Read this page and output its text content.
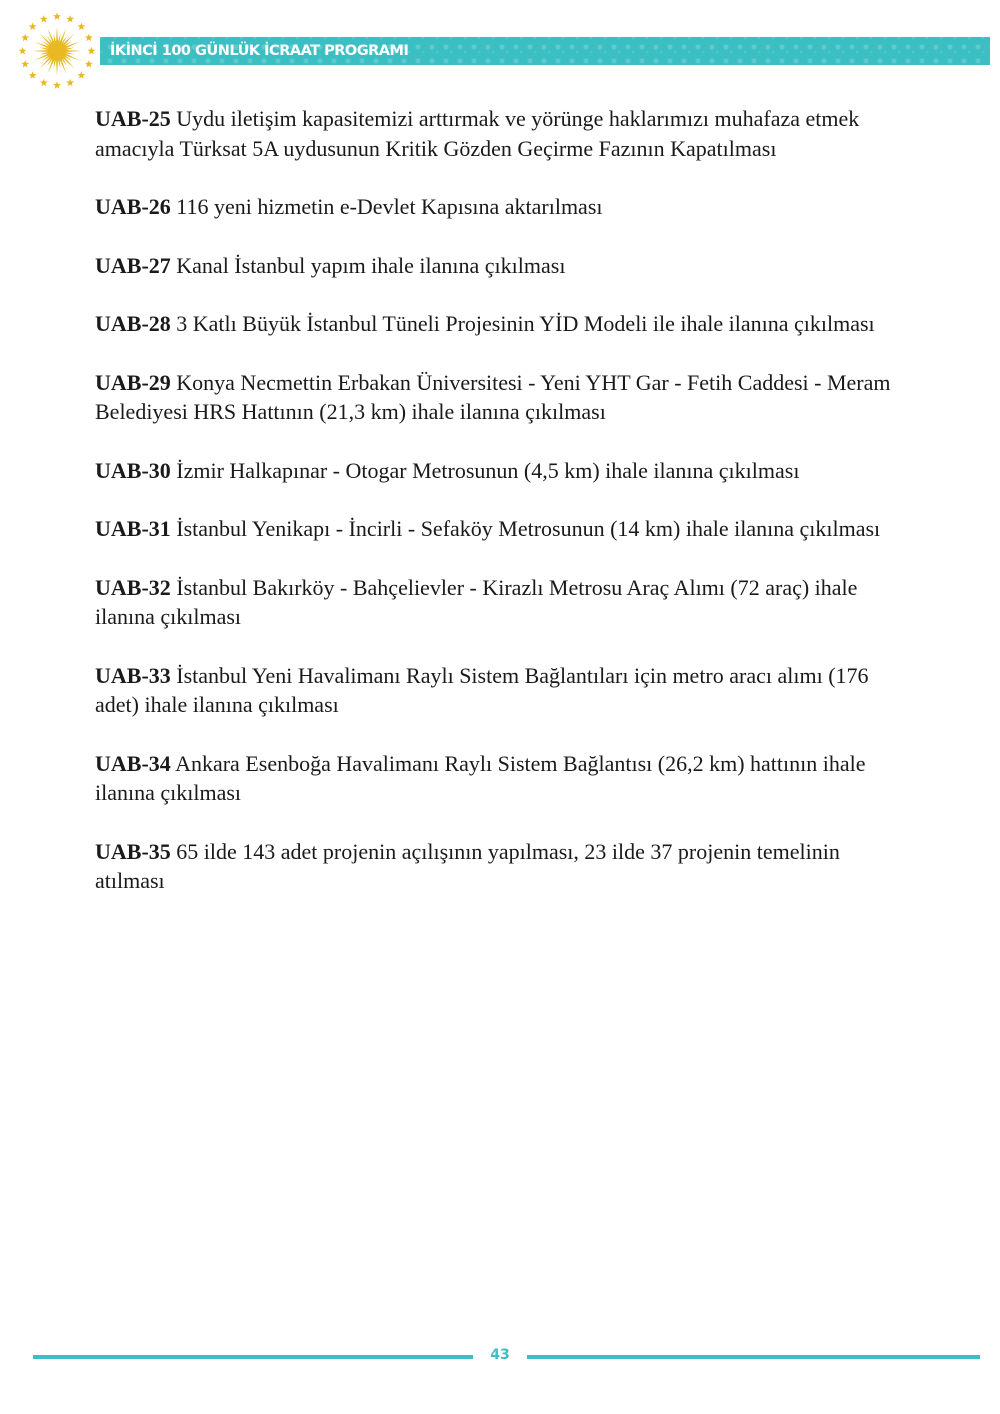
İKİNCİ 100 GÜNLÜK İCRAAT PROGRAMI

UAB-25 Uydu iletişim kapasitemizi arttırmak ve yörünge haklarımızı muhafaza etmek amacıyla Türksat 5A uydusunun Kritik Gözden Geçirme Fazının Kapatılması

UAB-26 116 yeni hizmetin e-Devlet Kapısına aktarılması

UAB-27 Kanal İstanbul yapım ihale ilanına çıkılması

UAB-28 3 Katlı Büyük İstanbul Tüneli Projesinin YİD Modeli ile ihale ilanına çıkılması

UAB-29 Konya Necmettin Erbakan Üniversitesi - Yeni YHT Gar - Fetih Caddesi - Meram Belediyesi HRS Hattının (21,3 km) ihale ilanına çıkılması

UAB-30 İzmir Halkapınar - Otogar Metrosunun (4,5 km) ihale ilanına çıkılması

UAB-31 İstanbul Yenikapı - İncirli - Sefaköy Metrosunun (14 km) ihale ilanına çıkılması

UAB-32 İstanbul Bakırköy - Bahçelievler - Kirazlı Metrosu Araç Alımı (72 araç) ihale ilanına çıkılması

UAB-33 İstanbul Yeni Havalimanı Raylı Sistem Bağlantıları için metro aracı alımı (176 adet) ihale ilanına çıkılması

UAB-34 Ankara Esenboğa Havalimanı Raylı Sistem Bağlantısı (26,2 km) hattının ihale ilanına çıkılması

UAB-35 65 ilde 143 adet projenin açılışının yapılması, 23 ilde 37 projenin temelinin atılması

43
